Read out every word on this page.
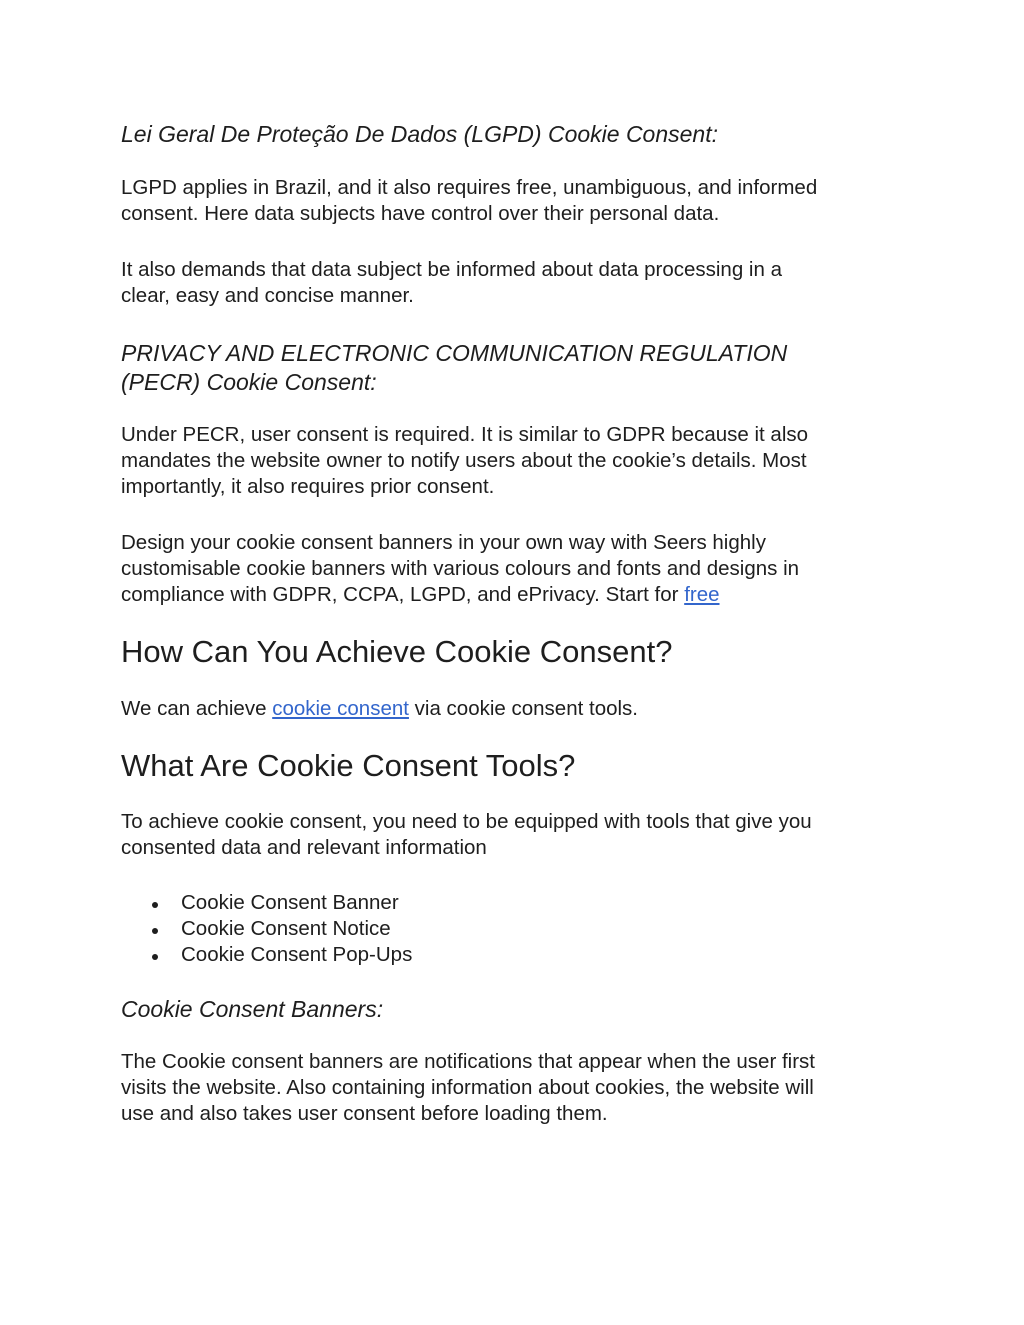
Lei Geral De Proteção De Dados (LGPD) Cookie Consent:

LGPD applies in Brazil, and it also requires free, unambiguous, and informed
consent. Here data subjects have control over their personal data.

It also demands that data subject be informed about data processing in a
clear, easy and concise manner.

PRIVACY AND ELECTRONIC COMMUNICATION REGULATION
(PECR) Cookie Consent:

Under PECR, user consent is required. It is similar to GDPR because it also
mandates the website owner to notify users about the cookie’s details. Most
importantly, it also requires prior consent.

Design your cookie consent banners in your own way with Seers highly
customisable cookie banners with various colours and fonts and designs in
compliance with GDPR, CCPA, LGPD, and ePrivacy. Start for free

How Can You Achieve Cookie Consent?

We can achieve cookie consent via cookie consent tools.

What Are Cookie Consent Tools?

To achieve cookie consent, you need to be equipped with tools that give you
consented data and relevant information

Cookie Consent Banner
Cookie Consent Notice
Cookie Consent Pop-Ups
Cookie Consent Banners:

The Cookie consent banners are notifications that appear when the user first
visits the website. Also containing information about cookies, the website will
use and also takes user consent before loading them.
